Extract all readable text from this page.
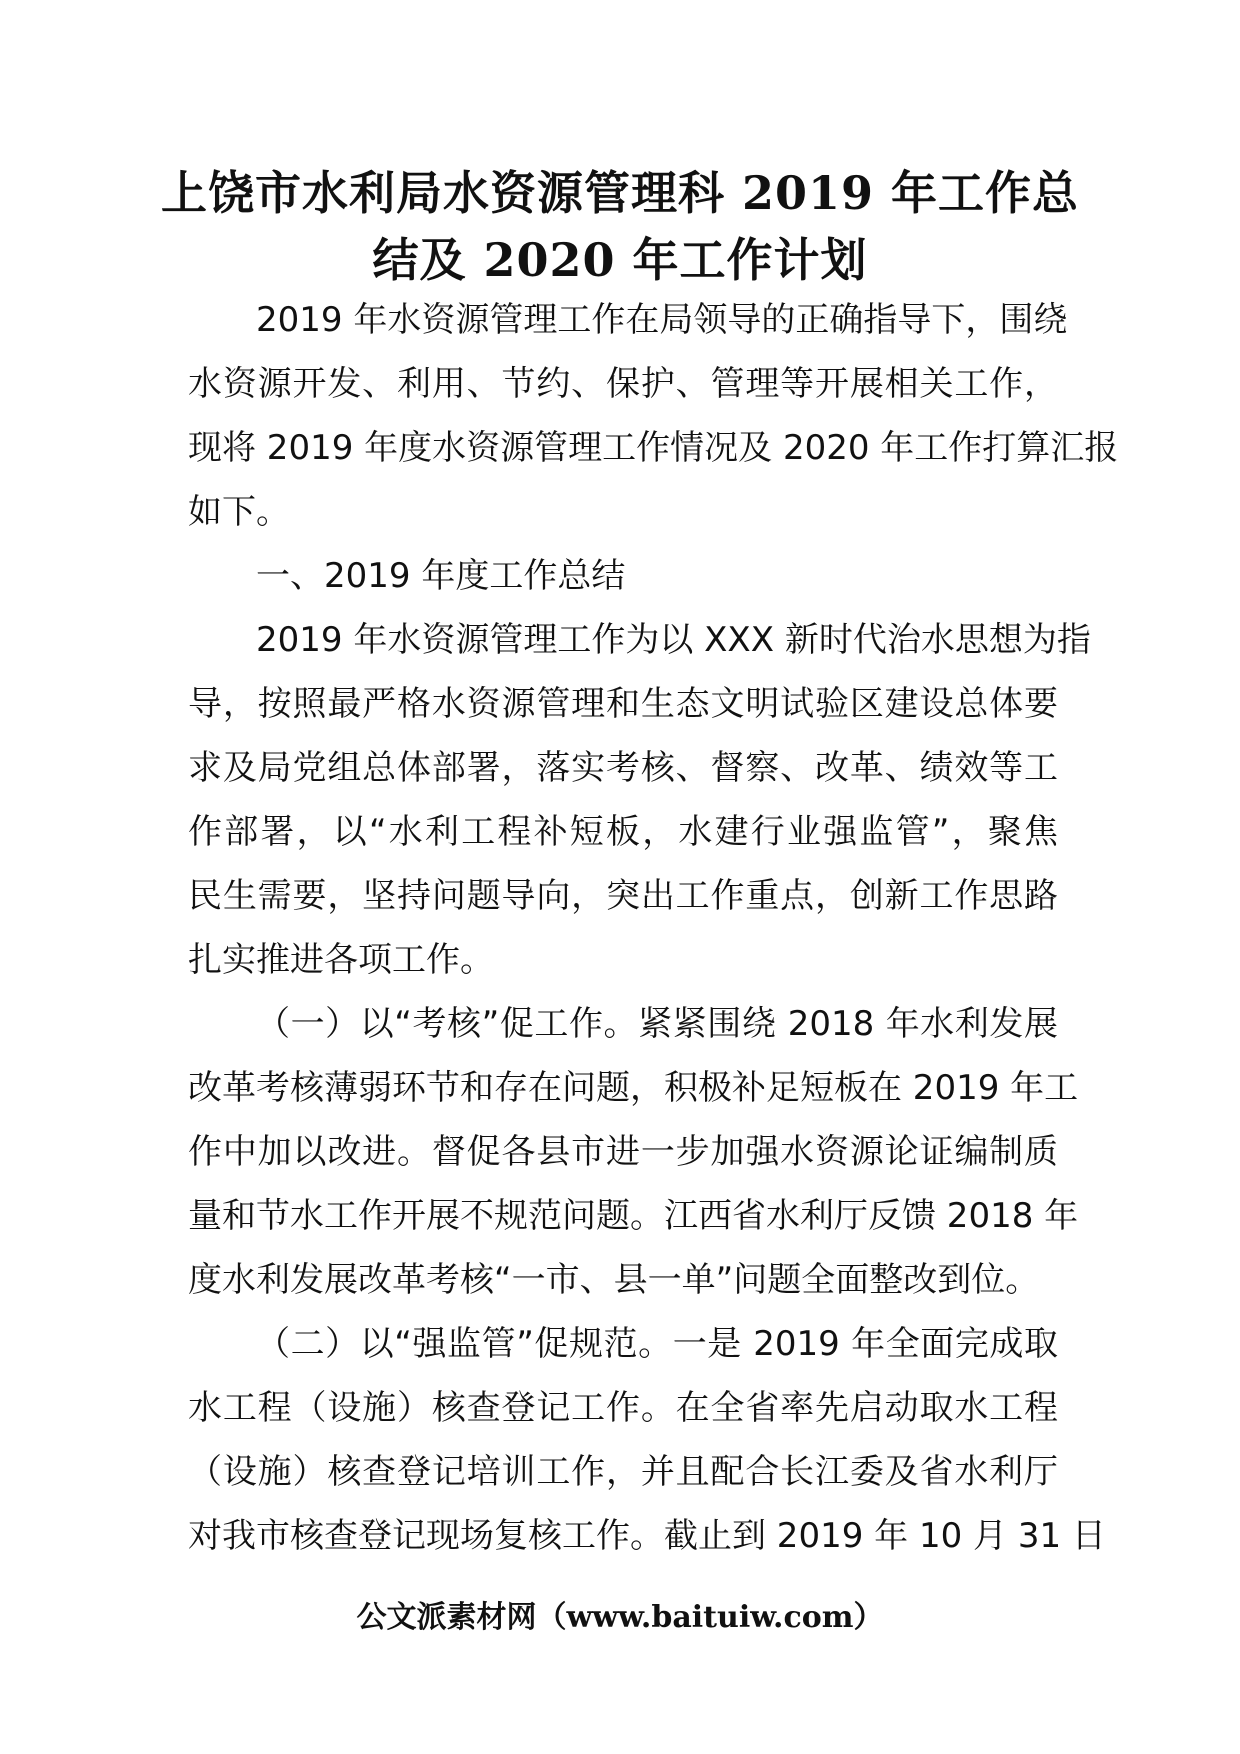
上饶市水利局水资源管理科 2019 年工作总
结及 2020 年工作计划

2019 年水资源管理工作在局领导的正确指导下，围绕
水资源开发、利用、节约、保护、管理等开展相关工作，
现将 2019 年度水资源管理工作情况及 2020 年工作打算汇报
如下。

一、2019 年度工作总结

2019 年水资源管理工作为以 XXX 新时代治水思想为指
导，按照最严格水资源管理和生态文明试验区建设总体要
求及局党组总体部署，落实考核、督察、改革、绩效等工
作部署，以“水利工程补短板，水建行业强监管”，聚焦
民生需要，坚持问题导向，突出工作重点，创新工作思路
扎实推进各项工作。

（一）以“考核”促工作。紧紧围绕 2018 年水利发展
改革考核薄弱环节和存在问题，积极补足短板在 2019 年工
作中加以改进。督促各县市进一步加强水资源论证编制质
量和节水工作开展不规范问题。江西省水利厅反馈 2018 年
度水利发展改革考核“一市、县一单”问题全面整改到位。

（二）以“强监管”促规范。一是 2019 年全面完成取
水工程（设施）核查登记工作。在全省率先启动取水工程
（设施）核查登记培训工作，并且配合长江委及省水利厅
对我市核查登记现场复核工作。截止到 2019 年 10 月 31 日

公文派素材网（www.baituiw.com）
